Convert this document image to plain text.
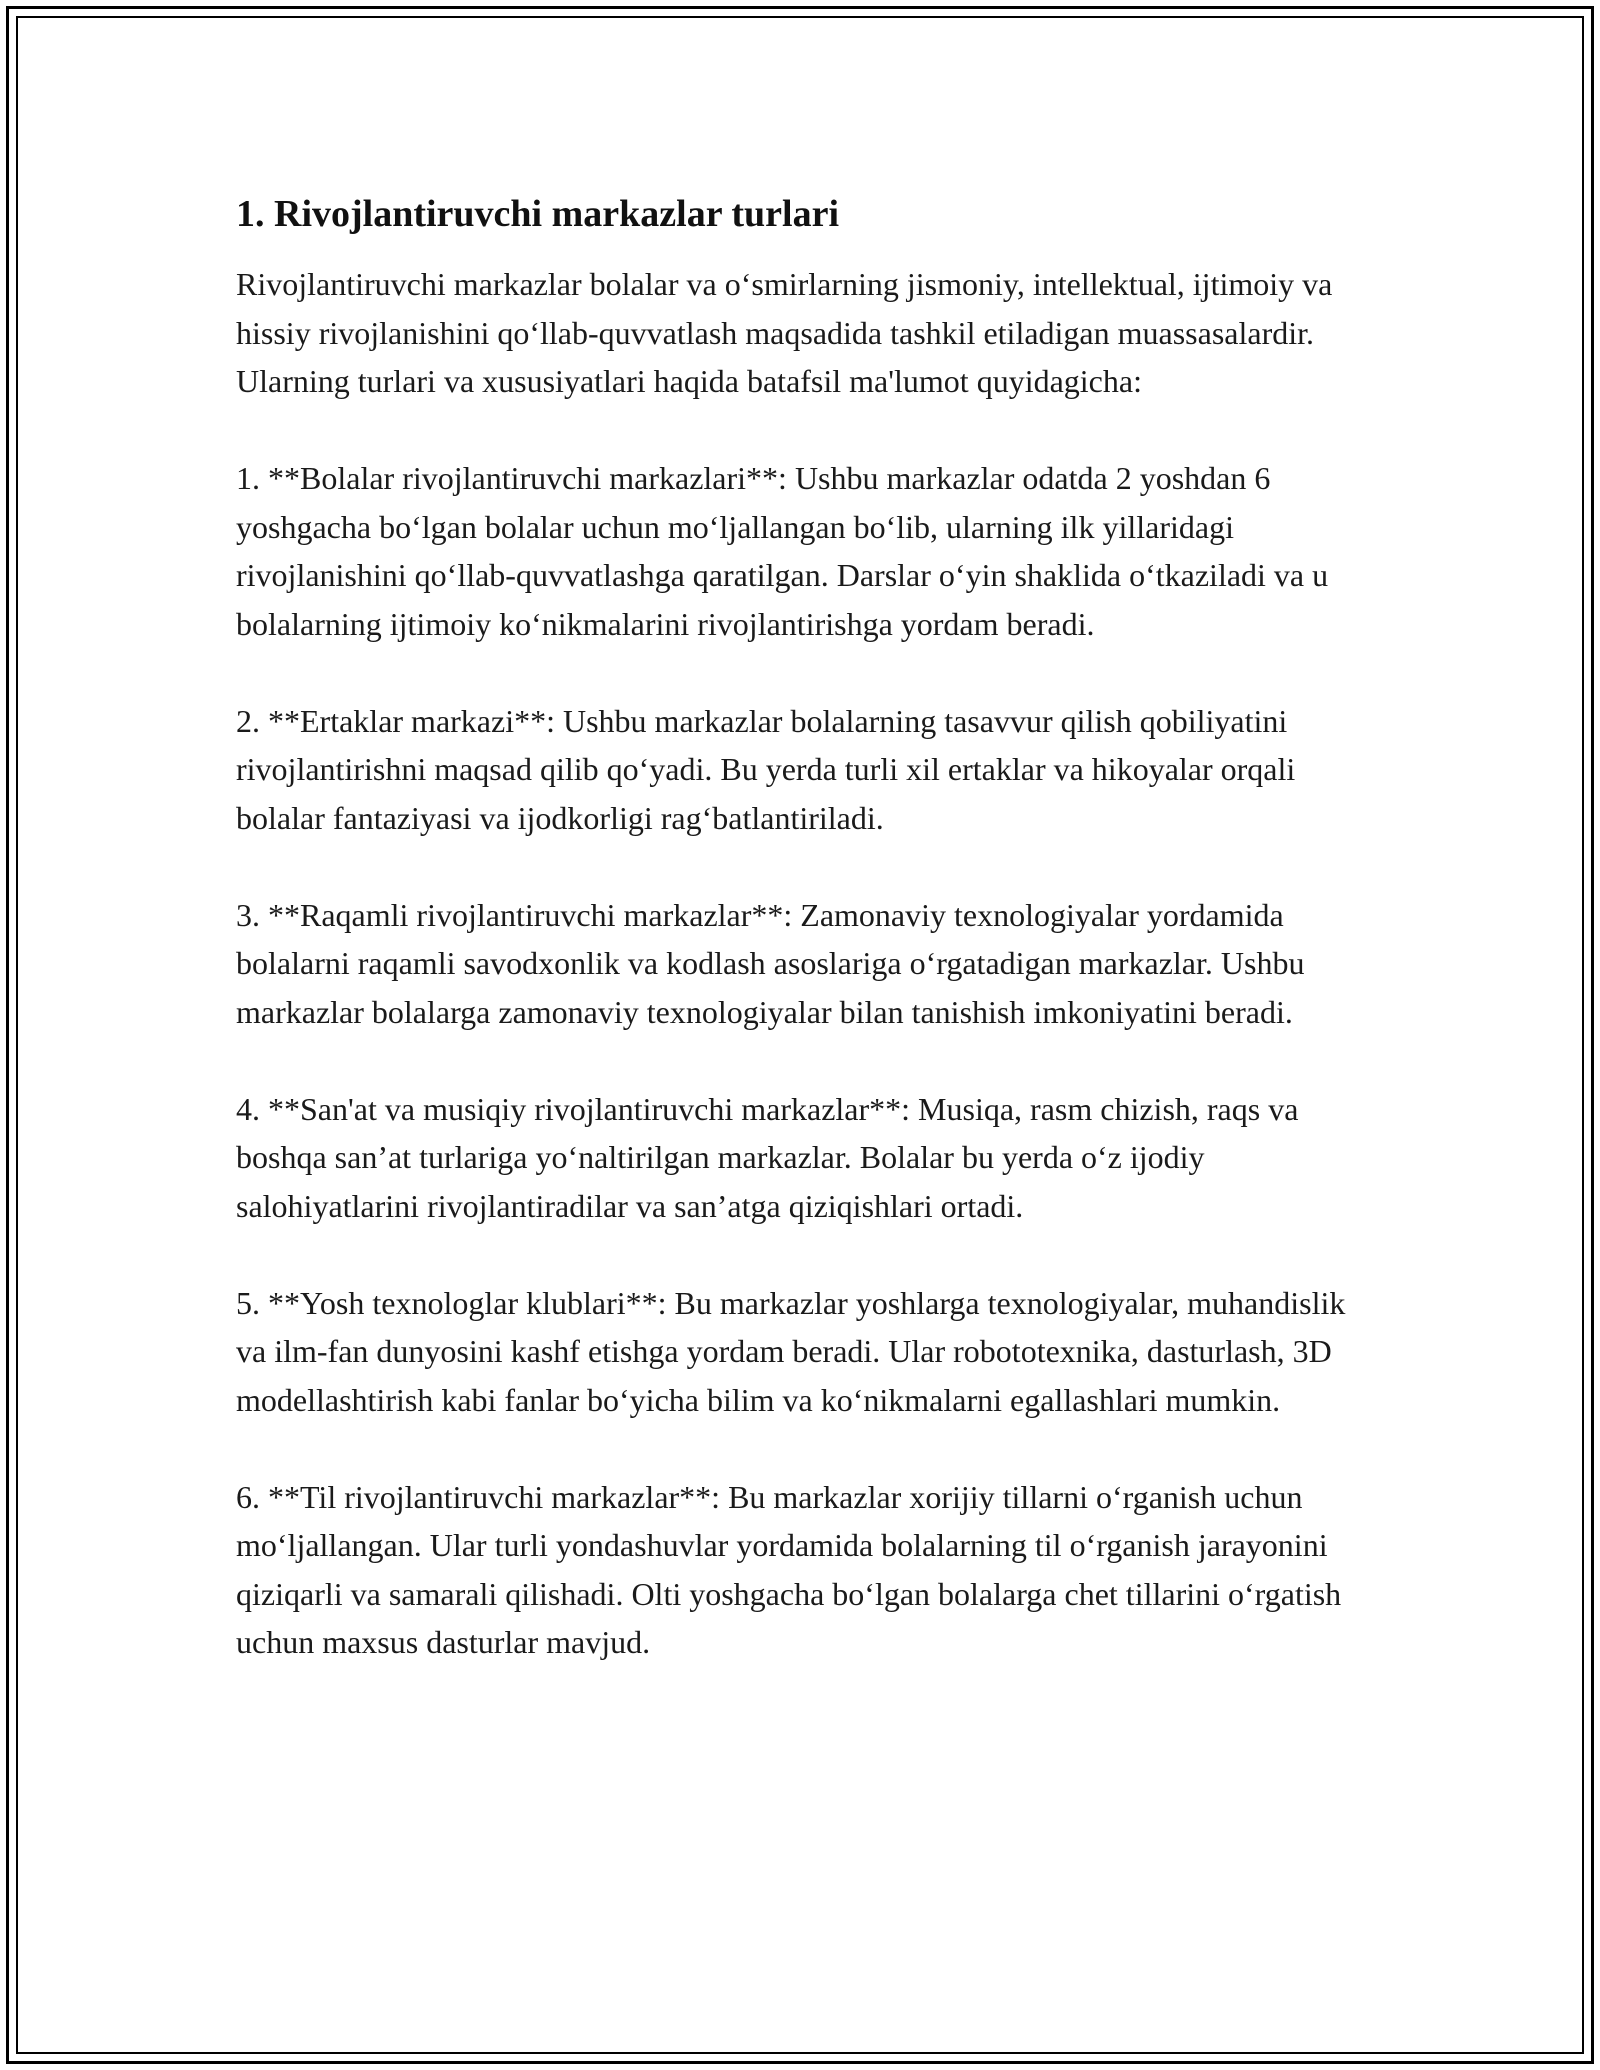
1. Rivojlantiruvchi markazlar turlari

Rivojlantiruvchi markazlar bolalar va o‘smirlarning jismoniy, intellektual, ijtimoiy va hissiy rivojlanishini qo‘llab-quvvatlash maqsadida tashkil etiladigan muassasalardir. Ularning turlari va xususiyatlari haqida batafsil ma'lumot quyidagicha:

1. **Bolalar rivojlantiruvchi markazlari**: Ushbu markazlar odatda 2 yoshdan 6 yoshgacha bo‘lgan bolalar uchun mo‘ljallangan bo‘lib, ularning ilk yillaridagi rivojlanishini qo‘llab-quvvatlashga qaratilgan. Darslar o‘yin shaklida o‘tkaziladi va u bolalarning ijtimoiy ko‘nikmalarini rivojlantirishga yordam beradi.

2. **Ertaklar markazi**: Ushbu markazlar bolalarning tasavvur qilish qobiliyatini rivojlantirishni maqsad qilib qo‘yadi. Bu yerda turli xil ertaklar va hikoyalar orqali bolalar fantaziyasi va ijodkorligi rag‘batlantiriladi.

3. **Raqamli rivojlantiruvchi markazlar**: Zamonaviy texnologiyalar yordamida bolalarni raqamli savodxonlik va kodlash asoslariga o‘rgatadigan markazlar. Ushbu markazlar bolalarga zamonaviy texnologiyalar bilan tanishish imkoniyatini beradi.

4. **San'at va musiqiy rivojlantiruvchi markazlar**: Musiqa, rasm chizish, raqs va boshqa san’at turlariga yo‘naltirilgan markazlar. Bolalar bu yerda o‘z ijodiy salohiyatlarini rivojlantiradilar va san’atga qiziqishlari ortadi.

5. **Yosh texnologlar klublari**: Bu markazlar yoshlarga texnologiyalar, muhandislik va ilm-fan dunyosini kashf etishga yordam beradi. Ular robototexnika, dasturlash, 3D modellashtirish kabi fanlar bo‘yicha bilim va ko‘nikmalarni egallashlari mumkin.

6. **Til rivojlantiruvchi markazlar**: Bu markazlar xorijiy tillarni o‘rganish uchun mo‘ljallangan. Ular turli yondashuvlar yordamida bolalarning til o‘rganish jarayonini qiziqarli va samarali qilishadi. Olti yoshgacha bo‘lgan bolalarga chet tillarini o‘rgatish uchun maxsus dasturlar mavjud.
